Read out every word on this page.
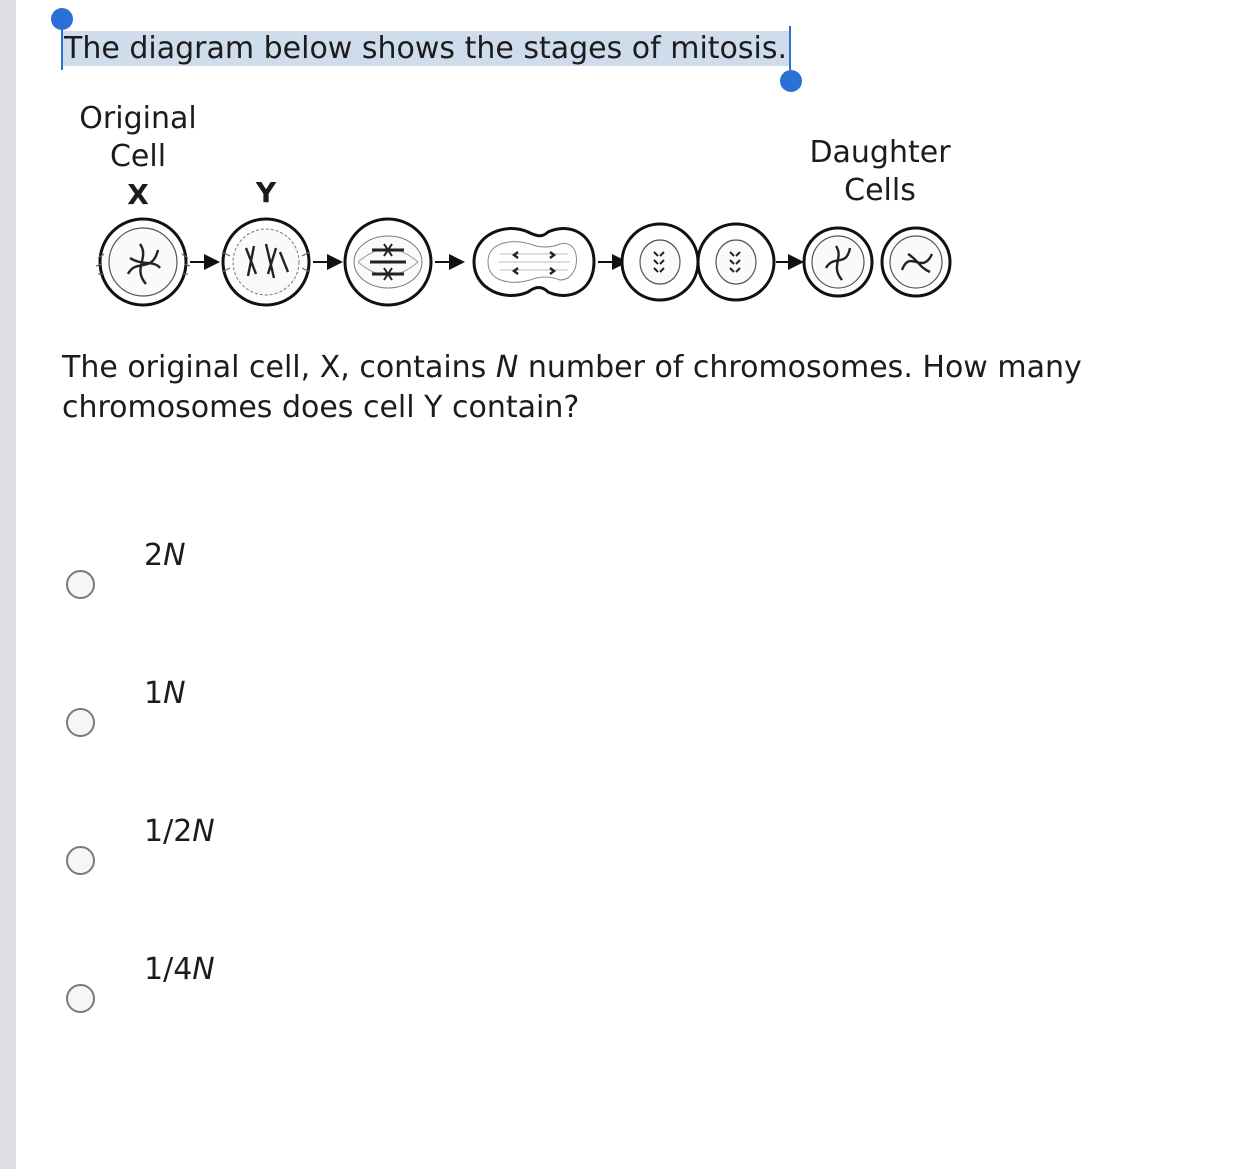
The diagram below shows the stages of mitosis.
Original
Cell
X	Y
Daughter
Cells
The original cell, X, contains N number of chromosomes. How many chromosomes does cell Y contain?
2N
1N
1/2N
1/4N
